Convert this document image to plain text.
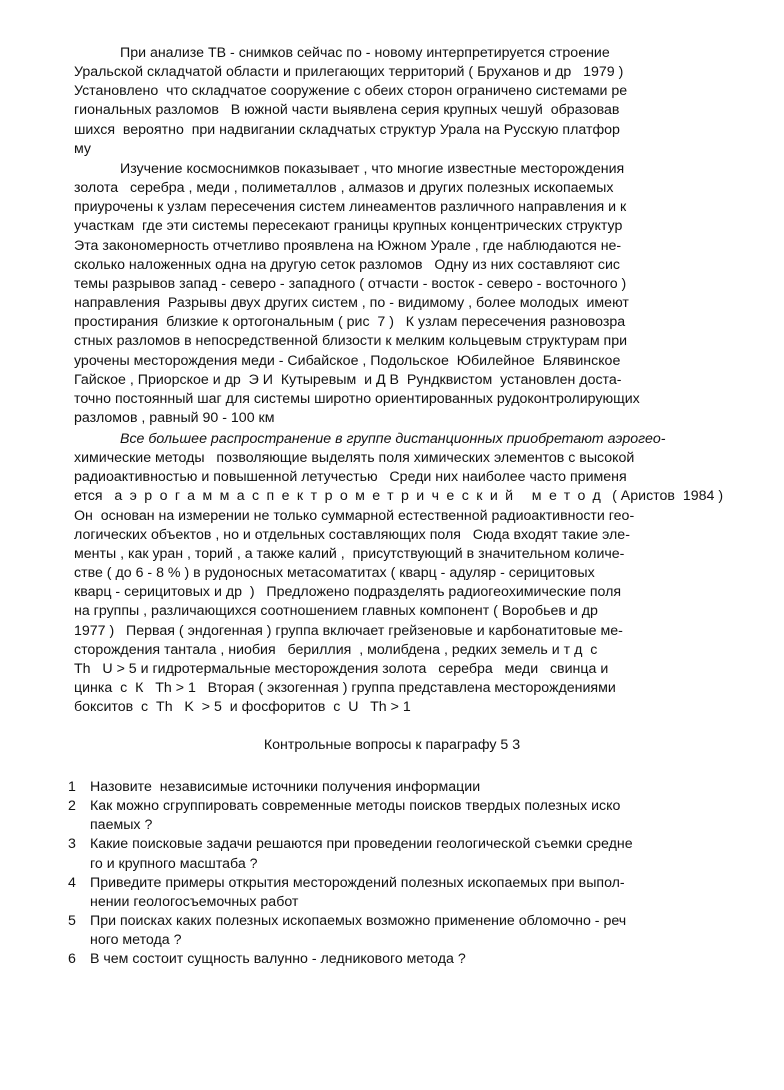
При анализе ТВ - снимков сейчас по - новому интерпретируется строение
Уральской складчатой области и прилегающих территорий ( Бруханов и др   1979 )
Установлено  что складчатое сооружение с обеих сторон ограничено системами ре
гиональных разломов   В южной части выявлена серия крупных чешуй  образовав
шихся  вероятно  при надвигании складчатых структур Урала на Русскую платфор
му
Изучение космоснимков показывает , что многие известные месторождения
золота   серебра , меди , полиметаллов , алмазов и других полезных ископаемых
приурочены к узлам пересечения систем линеаментов различного направления и к
участкам  где эти системы пересекают границы крупных концентрических структур
Эта закономерность отчетливо проявлена на Южном Урале , где наблюдаются не-
сколько наложенных одна на другую сеток разломов   Одну из них составляют сис
темы разрывов запад - северо - западного ( отчасти - восток - северо - восточного )
направления  Разрывы двух других систем , по - видимому , более молодых  имеют
простирания  близкие к ортогональным ( рис  7 )   К узлам пересечения разновозра
стных разломов в непосредственной близости к мелким кольцевым структурам при
урочены месторождения меди - Сибайское , Подольское  Юбилейное  Блявинское
Гайское , Приорское и др  Э И  Кутыревым  и Д В  Рундквистом  установлен доста-
точно постоянный шаг для системы широтно ориентированных рудоконтролирующих
разломов , равный 90 - 100 км
Все большее распространение в группе дистанционных приобретают аэрогео-
химические методы   позволяющие выделять поля химических элементов с высокой
радиоактивностью и повышенной летучестью   Среди них наиболее часто применя
ется аэрогаммаспектрометрический метод ( Аристов  1984 )
Он  основан на измерении не только суммарной естественной радиоактивности гео-
логических объектов , но и отдельных составляющих поля   Сюда входят такие эле-
менты , как уран , торий , а также калий ,  присутствующий в значительном количе-
стве ( до 6 - 8 % ) в рудоносных метасоматитах ( кварц - адуляр - серицитовых
кварц - серицитовых и др  )   Предложено подразделять радиогеохимические поля
на группы , различающихся соотношением главных компонент ( Воробьев и др
1977 )   Первая ( эндогенная ) группа включает грейзеновые и карбонатитовые ме-
сторождения тантала , ниобия   бериллия  , молибдена , редких земель и т д  с
Th   U > 5 и гидротермальные месторождения золота   серебра   меди   свинца и
цинка  с  К   Th > 1   Вторая ( экзогенная ) группа представлена месторождениями
бокситов  с  Th   K  > 5  и фосфоритов  с  U   Th > 1
Контрольные вопросы к параграфу 5 3
1 Назовите  независимые источники получения информации
2 Как можно сгруппировать современные методы поисков твердых полезных иско
паемых ?
3 Какие поисковые задачи решаются при проведении геологической съемки средне
го и крупного масштаба ?
4 Приведите примеры открытия месторождений полезных ископаемых при выпол-
нении геологосъемочных работ
5 При поисках каких полезных ископаемых возможно применение обломочно - реч
ного метода ?
6 В чем состоит сущность валунно - ледникового метода ?
